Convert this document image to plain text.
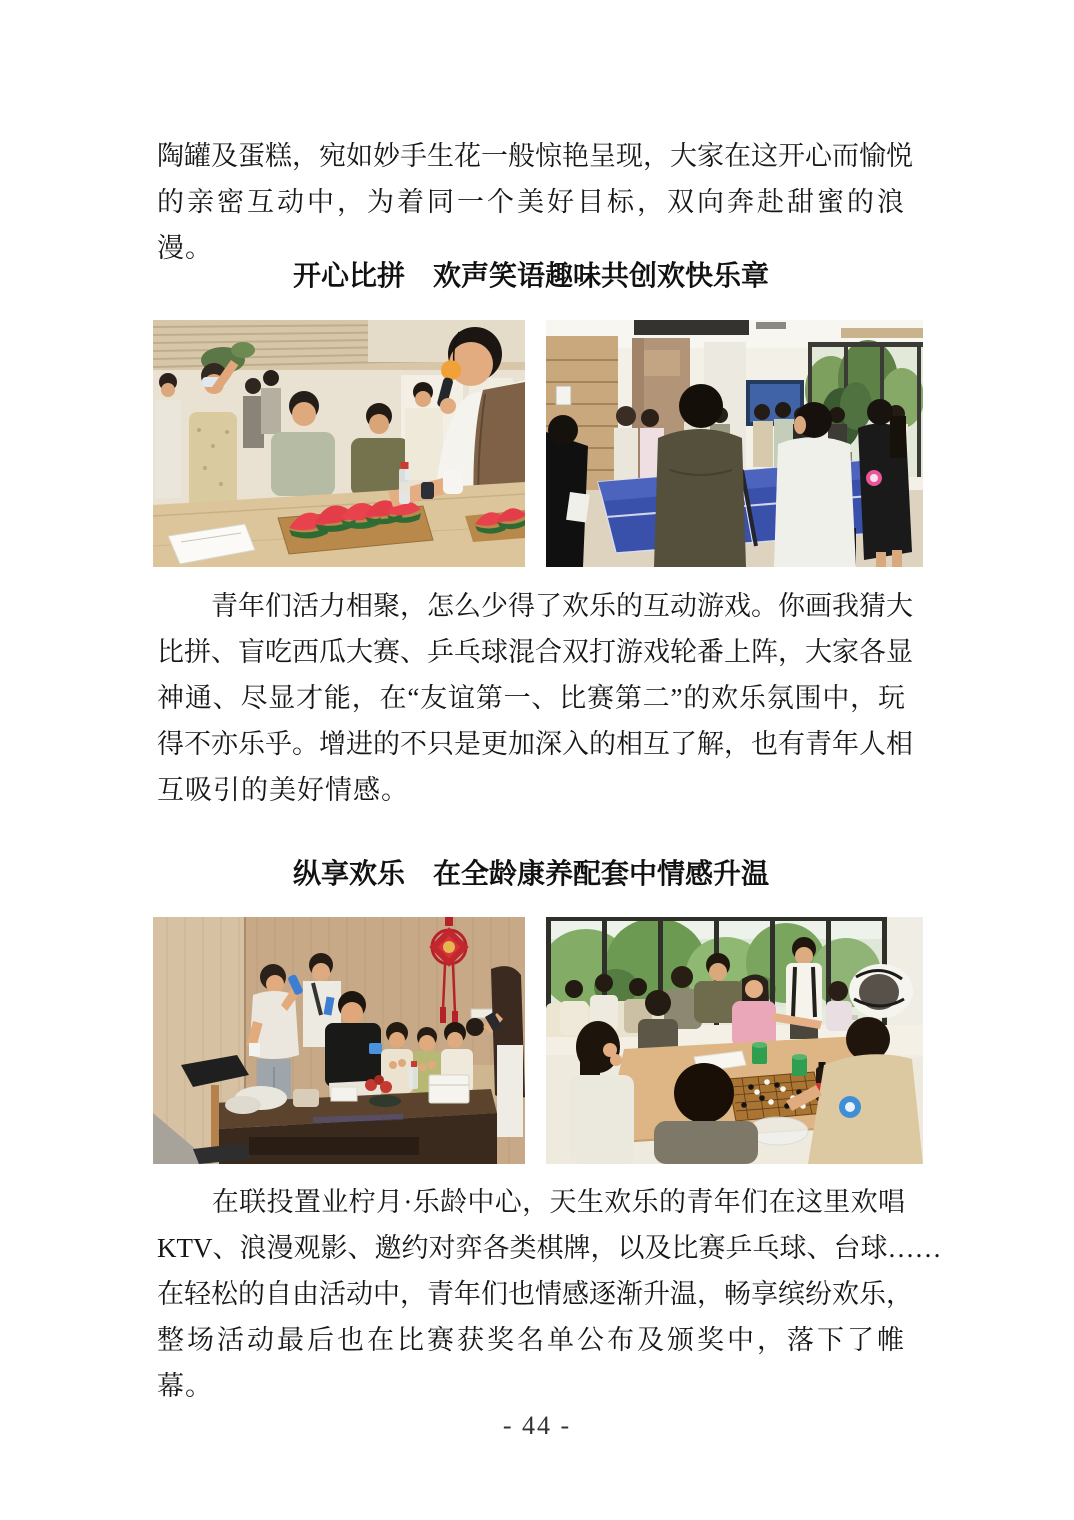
陶罐及蛋糕，宛如妙手生花一般惊艳呈现，大家在这开心而愉悦
的亲密互动中，为着同一个美好目标，双向奔赴甜蜜的浪漫。
开心比拼　欢声笑语趣味共创欢快乐章
　　青年们活力相聚，怎么少得了欢乐的互动游戏。你画我猜大
比拼、盲吃西瓜大赛、乒乓球混合双打游戏轮番上阵，大家各显
神通、尽显才能，在“友谊第一、比赛第二”的欢乐氛围中，玩
得不亦乐乎。增进的不只是更加深入的相互了解，也有青年人相
互吸引的美好情感。
纵享欢乐　在全龄康养配套中情感升温
　　在联投置业柠月·乐龄中心，天生欢乐的青年们在这里欢唱
KTV、浪漫观影、邀约对弈各类棋牌，以及比赛乒乓球、台球……
在轻松的自由活动中，青年们也情感逐渐升温，畅享缤纷欢乐，
整场活动最后也在比赛获奖名单公布及颁奖中，落下了帷幕。
- 44 -
